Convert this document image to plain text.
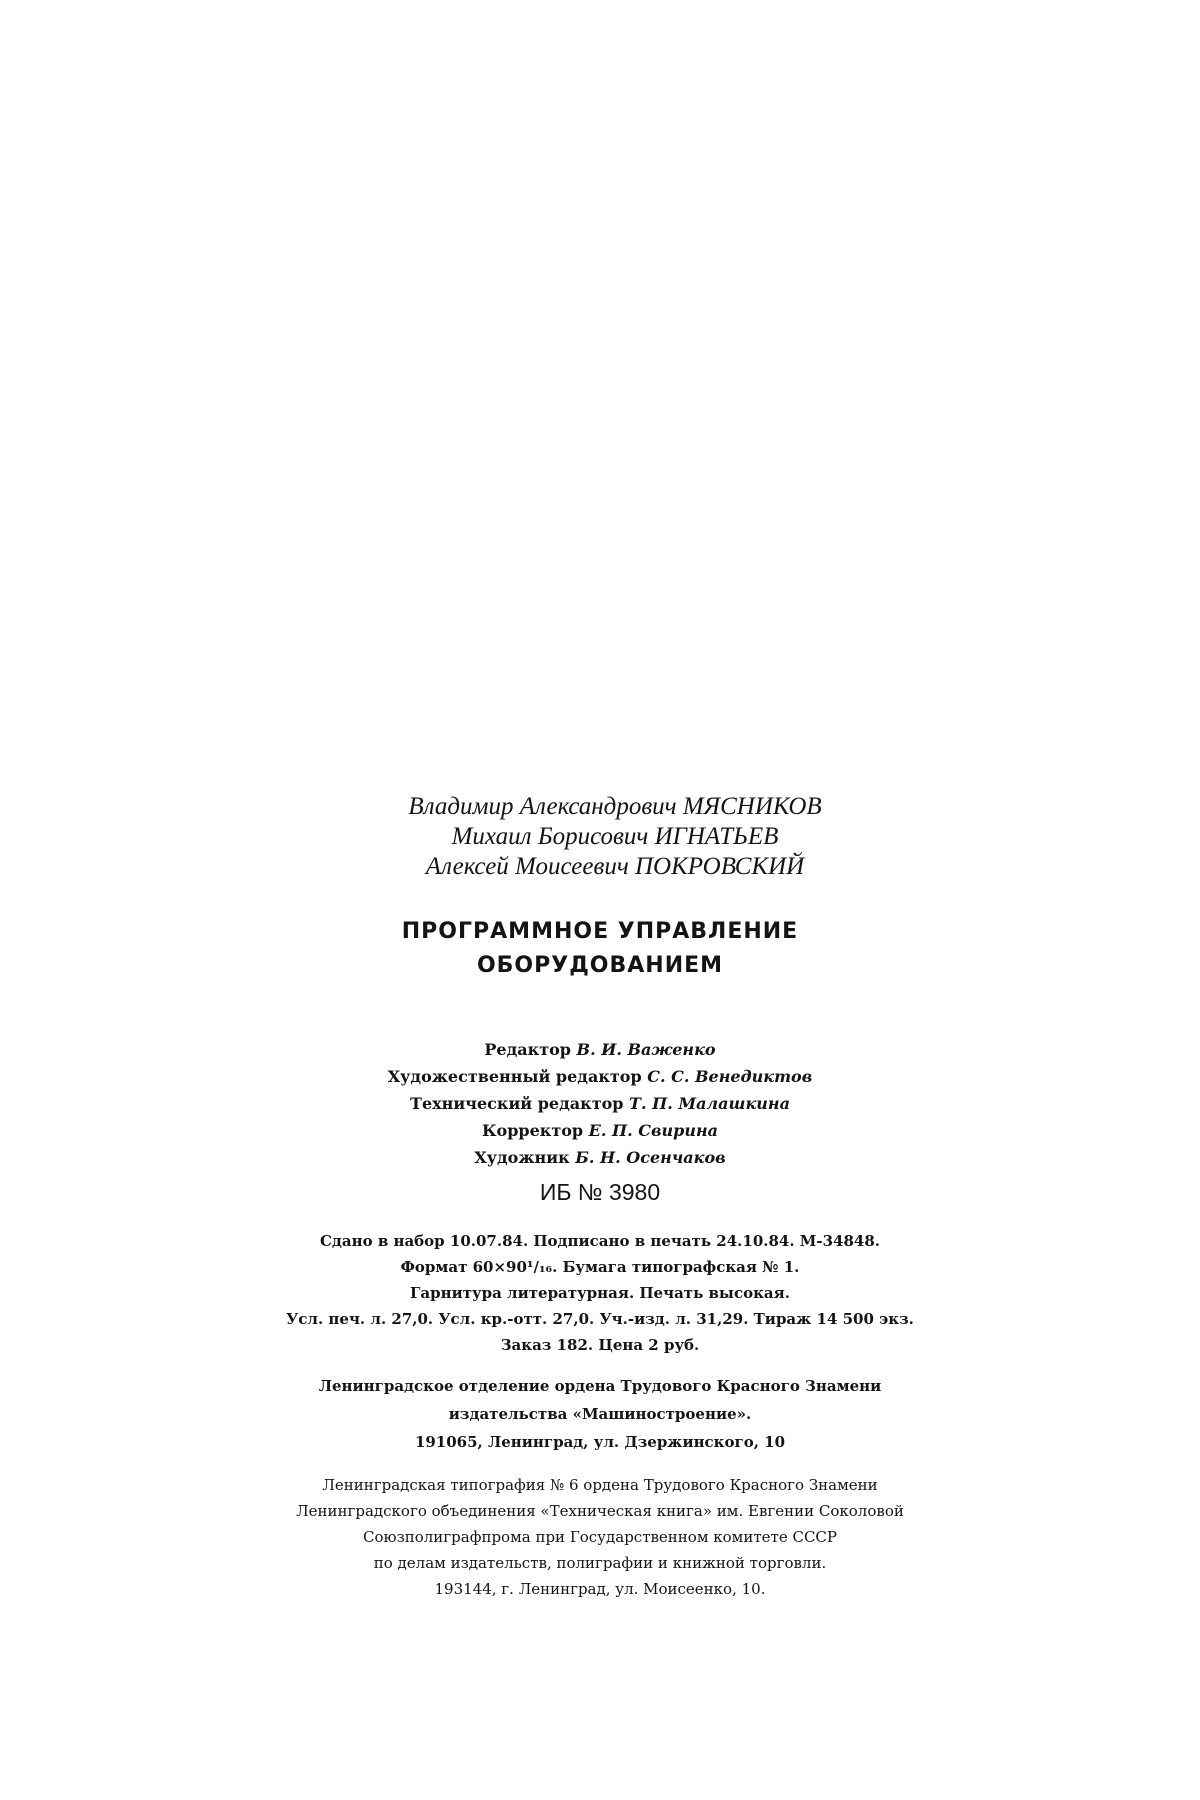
Владимир Александрович МЯСНИКОВ
Михаил Борисович ИГНАТЬЕВ
Алексей Моисеевич ПОКРОВСКИЙ
ПРОГРАММНОЕ УПРАВЛЕНИЕ
ОБОРУДОВАНИЕМ
Редактор В. И. Важенко
Художественный редактор С. С. Венедиктов
Технический редактор Т. П. Малашкина
Корректор Е. П. Свирина
Художник Б. Н. Осенчаков
ИБ № 3980
Сдано в набор 10.07.84. Подписано в печать 24.10.84. М-34848.
Формат 60×90¹/₁₆. Бумага типографская № 1.
Гарнитура литературная. Печать высокая.
Усл. печ. л. 27,0. Усл. кр.-отт. 27,0. Уч.-изд. л. 31,29. Тираж 14 500 экз.
Заказ 182. Цена 2 руб.
Ленинградское отделение ордена Трудового Красного Знамени
издательства «Машиностроение».
191065, Ленинград, ул. Дзержинского, 10
Ленинградская типография № 6 ордена Трудового Красного Знамени
Ленинградского объединения «Техническая книга» им. Евгении Соколовой
Союзполиграфпрома при Государственном комитете СССР
по делам издательств, полиграфии и книжной торговли.
193144, г. Ленинград, ул. Моисеенко, 10.
